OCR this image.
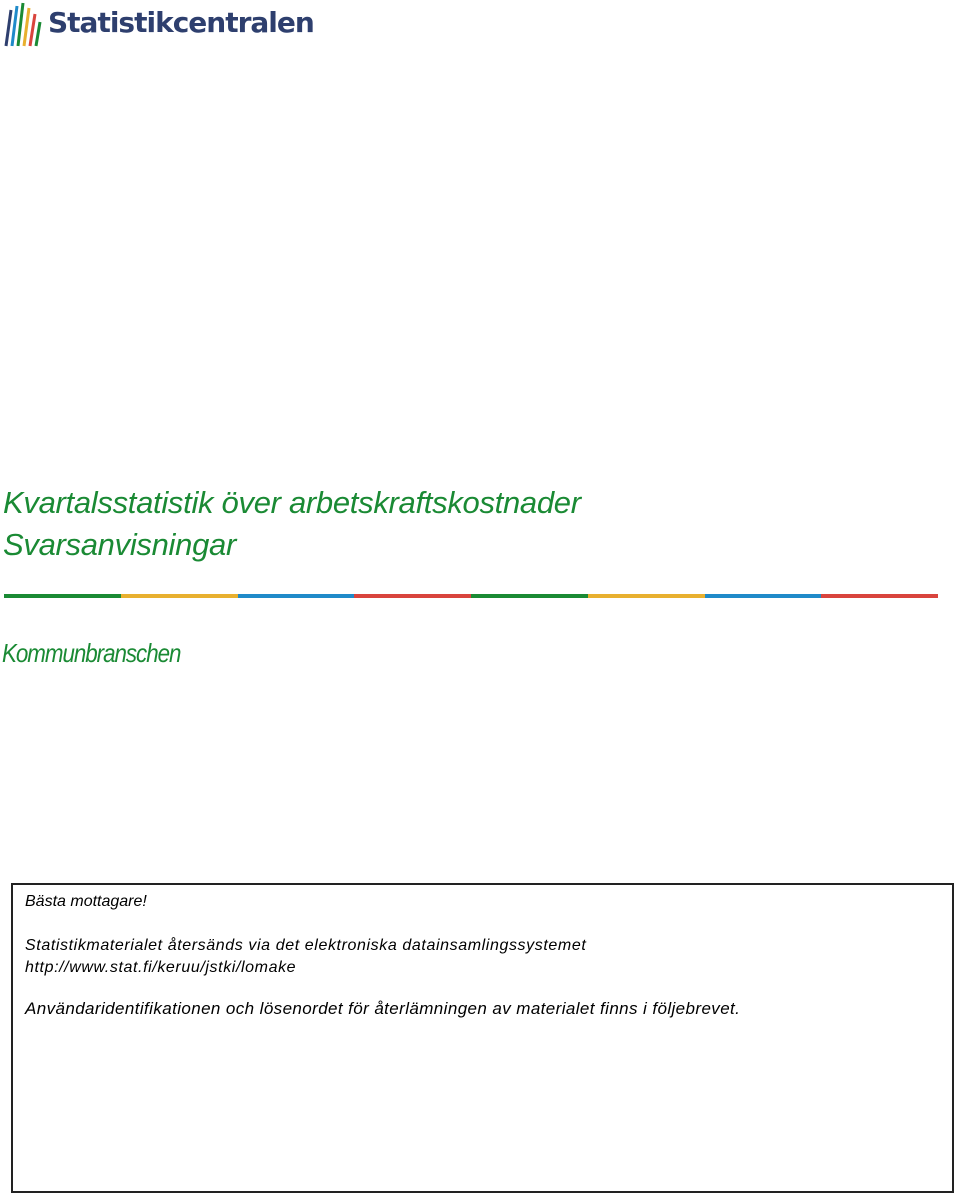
Statistikcentralen
Kvartalsstatistik över arbetskraftskostnader
Svarsanvisningar
Kommunbranschen

Bästa mottagare!

Statistikmaterialet återsänds via det elektroniska datainsamlingssystemet
http://www.stat.fi/keruu/jstki/lomake

Användaridentifikationen och lösenordet för återlämningen av materialet finns i följebrevet.
